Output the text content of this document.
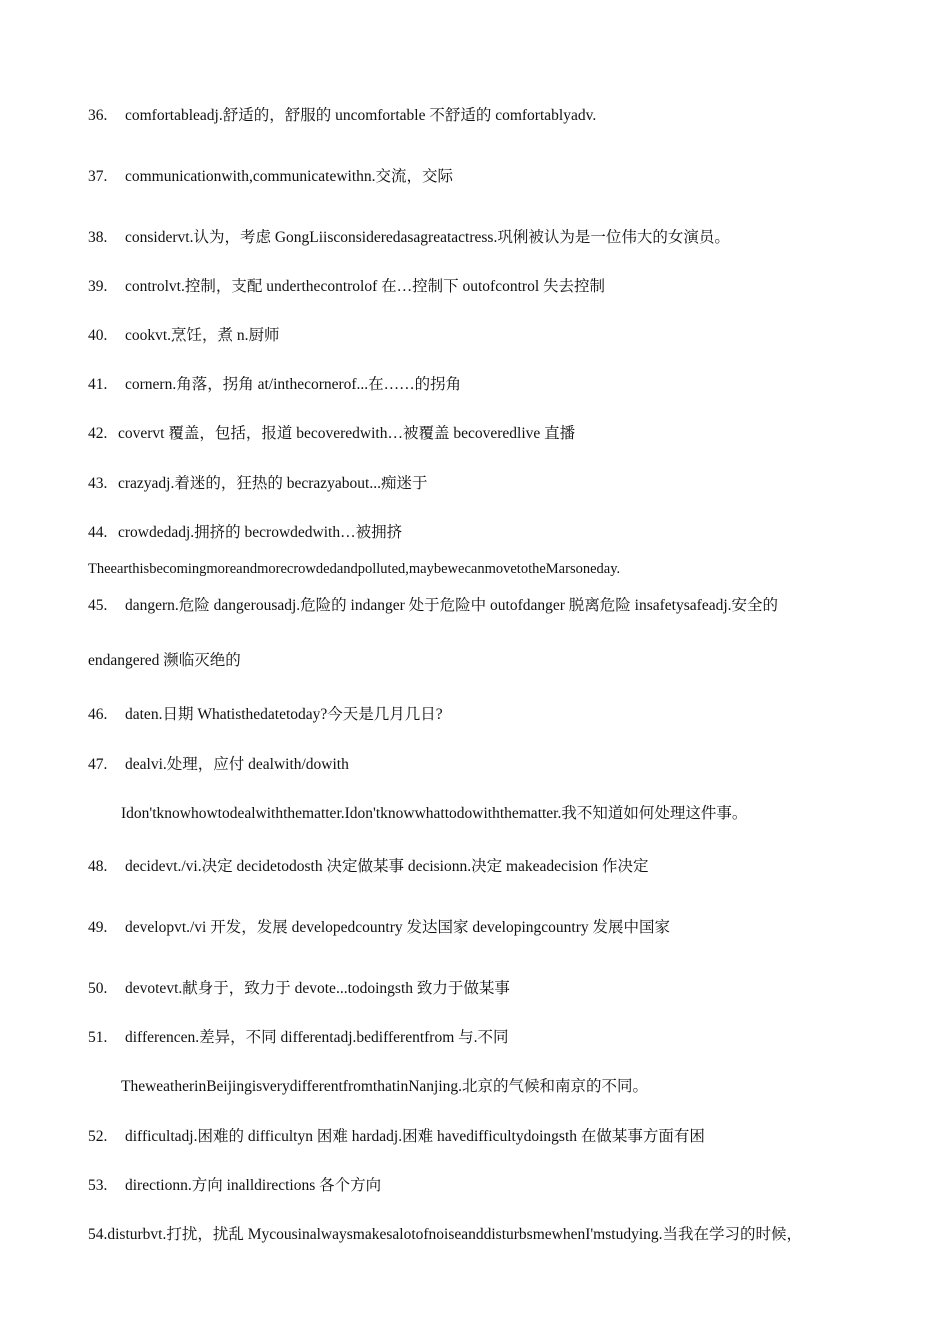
36. comfortableadj.舒适的，舒服的 uncomfortable 不舒适的 comfortablyadv.
37. communicationwith,communicatewithn.交流，交际
38. considervt.认为，考虑 GongLiisconsideredasagreatactress.巩俐被认为是一位伟大的女演员。
39. controlvt.控制，支配 underthecontrolof 在…控制下 outofcontrol 失去控制
40. cookvt.烹饪，煮 n.厨师
41. cornern.角落，拐角 at/inthecornerof...在……的拐角
42. covervt 覆盖，包括，报道 becoveredwith…被覆盖 becoveredlive 直播
43. crazyadj.着迷的，狂热的 becrazyabout...痴迷于
44. crowdedadj.拥挤的 becrowdedwith…被拥挤
Theearthisbecomingmoreandmorecrowdedandpolluted,maybewecanmovetotheMarsoneday.
45. dangern.危险 dangerousadj.危险的 indanger 处于危险中 outofdanger 脱离危险 insafetysafeadj.安全的
endangered 濒临灭绝的
46. daten.日期 Whatisthedatetoday?今天是几月几日?
47. dealvi.处理，应付 dealwith/dowith
Idon'tknowhowtodealwiththematter.Idon'tknowwhattodowiththematter.我不知道如何处理这件事。
48. decidevt./vi.决定 decidetodosth 决定做某事 decisionn.决定 makeadecision 作决定
49. developvt./vi 开发，发展 developedcountry 发达国家 developingcountry 发展中国家
50. devotevt.献身于，致力于 devote...todoingsth 致力于做某事
51. differencen.差异，不同 differentadj.bedifferentfrom 与.不同
TheweatherinBeijingisverydifferentfromthatinNanjing.北京的气候和南京的不同。
52. difficultadj.困难的 difficultyn 困难 hardadj.困难 havedifficultydoingsth 在做某事方面有困
53. directionn.方向 inalldirections 各个方向
54.disturbvt.打扰，扰乱 MycousinalwaysmakesalotofnoiseanddisturbsmewhenI'mstudying.当我在学习的时候，
